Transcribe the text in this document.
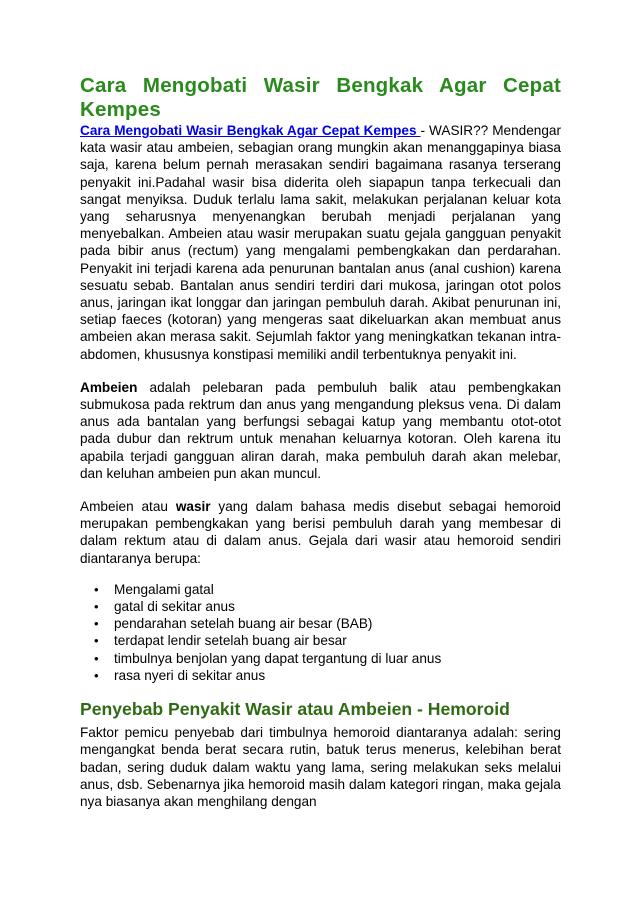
Cara Mengobati Wasir Bengkak Agar Cepat
Kempes

Cara Mengobati Wasir Bengkak Agar Cepat Kempes - WASIR?? Mendengar kata wasir atau ambeien, sebagian orang mungkin akan menanggapinya biasa saja, karena belum pernah merasakan sendiri bagaimana rasanya terserang penyakit ini.Padahal wasir bisa diderita oleh siapapun tanpa terkecuali dan sangat menyiksa. Duduk terlalu lama sakit, melakukan perjalanan keluar kota yang seharusnya menyenangkan berubah menjadi perjalanan yang menyebalkan. Ambeien atau wasir merupakan suatu gejala gangguan penyakit pada bibir anus (rectum) yang mengalami pembengkakan dan perdarahan. Penyakit ini terjadi karena ada penurunan bantalan anus (anal cushion) karena sesuatu sebab. Bantalan anus sendiri terdiri dari mukosa, jaringan otot polos anus, jaringan ikat longgar dan jaringan pembuluh darah. Akibat penurunan ini, setiap faeces (kotoran) yang mengeras saat dikeluarkan akan membuat anus ambeien akan merasa sakit. Sejumlah faktor yang meningkatkan tekanan intra-abdomen, khususnya konstipasi memiliki andil terbentuknya penyakit ini.

Ambeien adalah pelebaran pada pembuluh balik atau pembengkakan submukosa pada rektrum dan anus yang mengandung pleksus vena. Di dalam anus ada bantalan yang berfungsi sebagai katup yang membantu otot-otot pada dubur dan rektrum untuk menahan keluarnya kotoran. Oleh karena itu apabila terjadi gangguan aliran darah, maka pembuluh darah akan melebar, dan keluhan ambeien pun akan muncul.

Ambeien atau wasir yang dalam bahasa medis disebut sebagai hemoroid merupakan pembengkakan yang berisi pembuluh darah yang membesar di dalam rektum atau di dalam anus. Gejala dari wasir atau hemoroid sendiri diantaranya berupa:

• Mengalami gatal
• gatal di sekitar anus
• pendarahan setelah buang air besar (BAB)
• terdapat lendir setelah buang air besar
• timbulnya benjolan yang dapat tergantung di luar anus
• rasa nyeri di sekitar anus
Penyebab Penyakit Wasir atau Ambeien - Hemoroid

Faktor pemicu penyebab dari timbulnya hemoroid diantaranya adalah: sering mengangkat benda berat secara rutin, batuk terus menerus, kelebihan berat badan, sering duduk dalam waktu yang lama, sering melakukan seks melalui anus, dsb. Sebenarnya jika hemoroid masih dalam kategori ringan, maka gejala nya biasanya akan menghilang dengan
